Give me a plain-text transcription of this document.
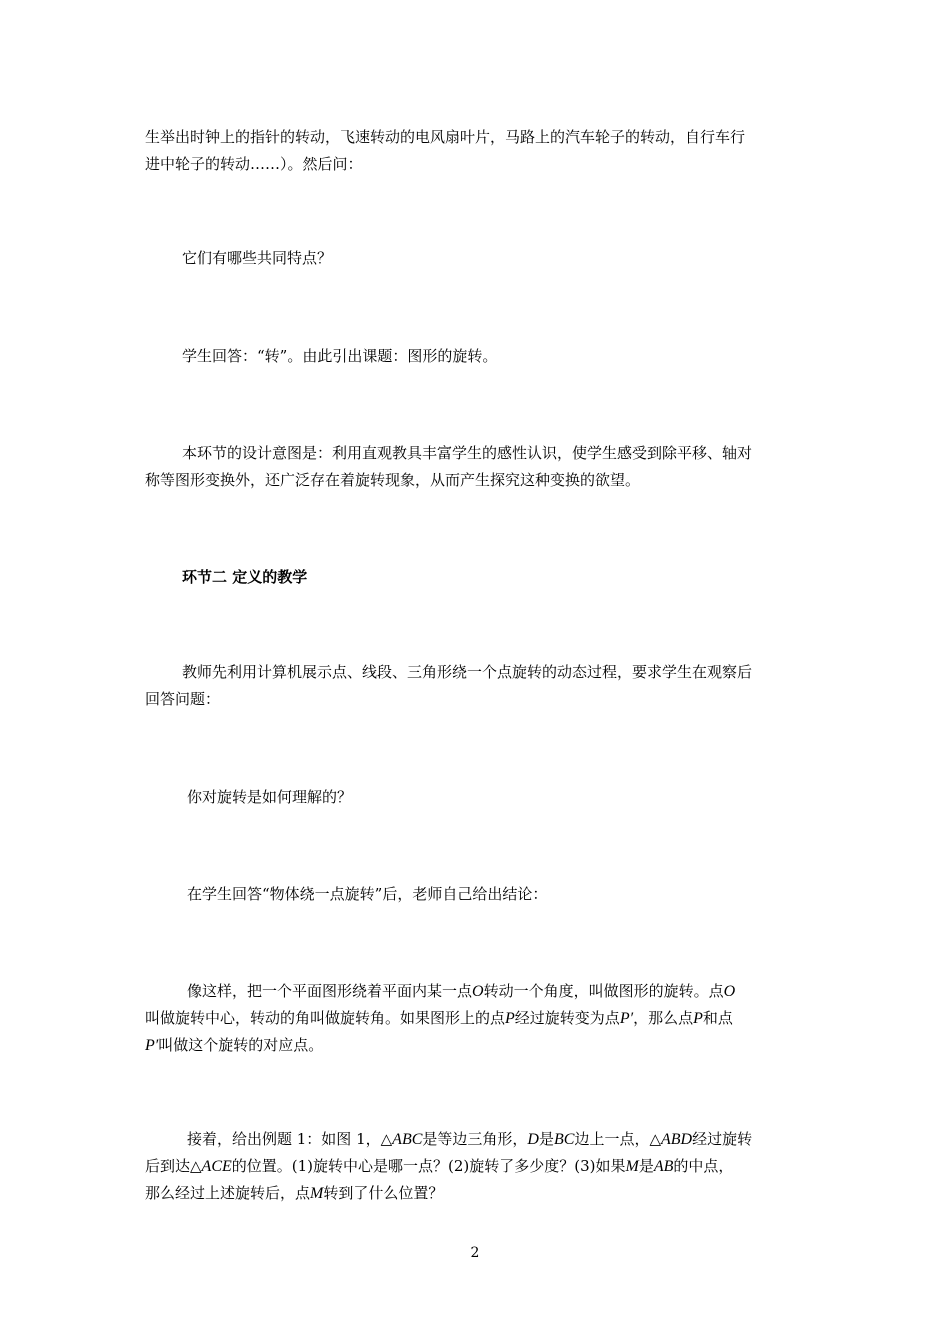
生举出时钟上的指针的转动，飞速转动的电风扇叶片，马路上的汽车轮子的转动，自行车行
进中轮子的转动……）。然后问：

它们有哪些共同特点？

学生回答：“转”。由此引出课题：图形的旋转。

本环节的设计意图是：利用直观教具丰富学生的感性认识，使学生感受到除平移、轴对
称等图形变换外，还广泛存在着旋转现象，从而产生探究这种变换的欲望。

环节二 定义的教学

教师先利用计算机展示点、线段、三角形绕一个点旋转的动态过程，要求学生在观察后
回答问题：

你对旋转是如何理解的？

在学生回答“物体绕一点旋转”后，老师自己给出结论：

像这样，把一个平面图形绕着平面内某一点O转动一个角度，叫做图形的旋转。点O
叫做旋转中心，转动的角叫做旋转角。如果图形上的点P经过旋转变为点P′，那么点P和点
P′叫做这个旋转的对应点。

接着，给出例题 1：如图 1，△ABC是等边三角形，D是BC边上一点，△ABD经过旋转
后到达△ACE的位置。(1)旋转中心是哪一点？(2)旋转了多少度？(3)如果M是AB的中点，
那么经过上述旋转后，点M转到了什么位置？

2
